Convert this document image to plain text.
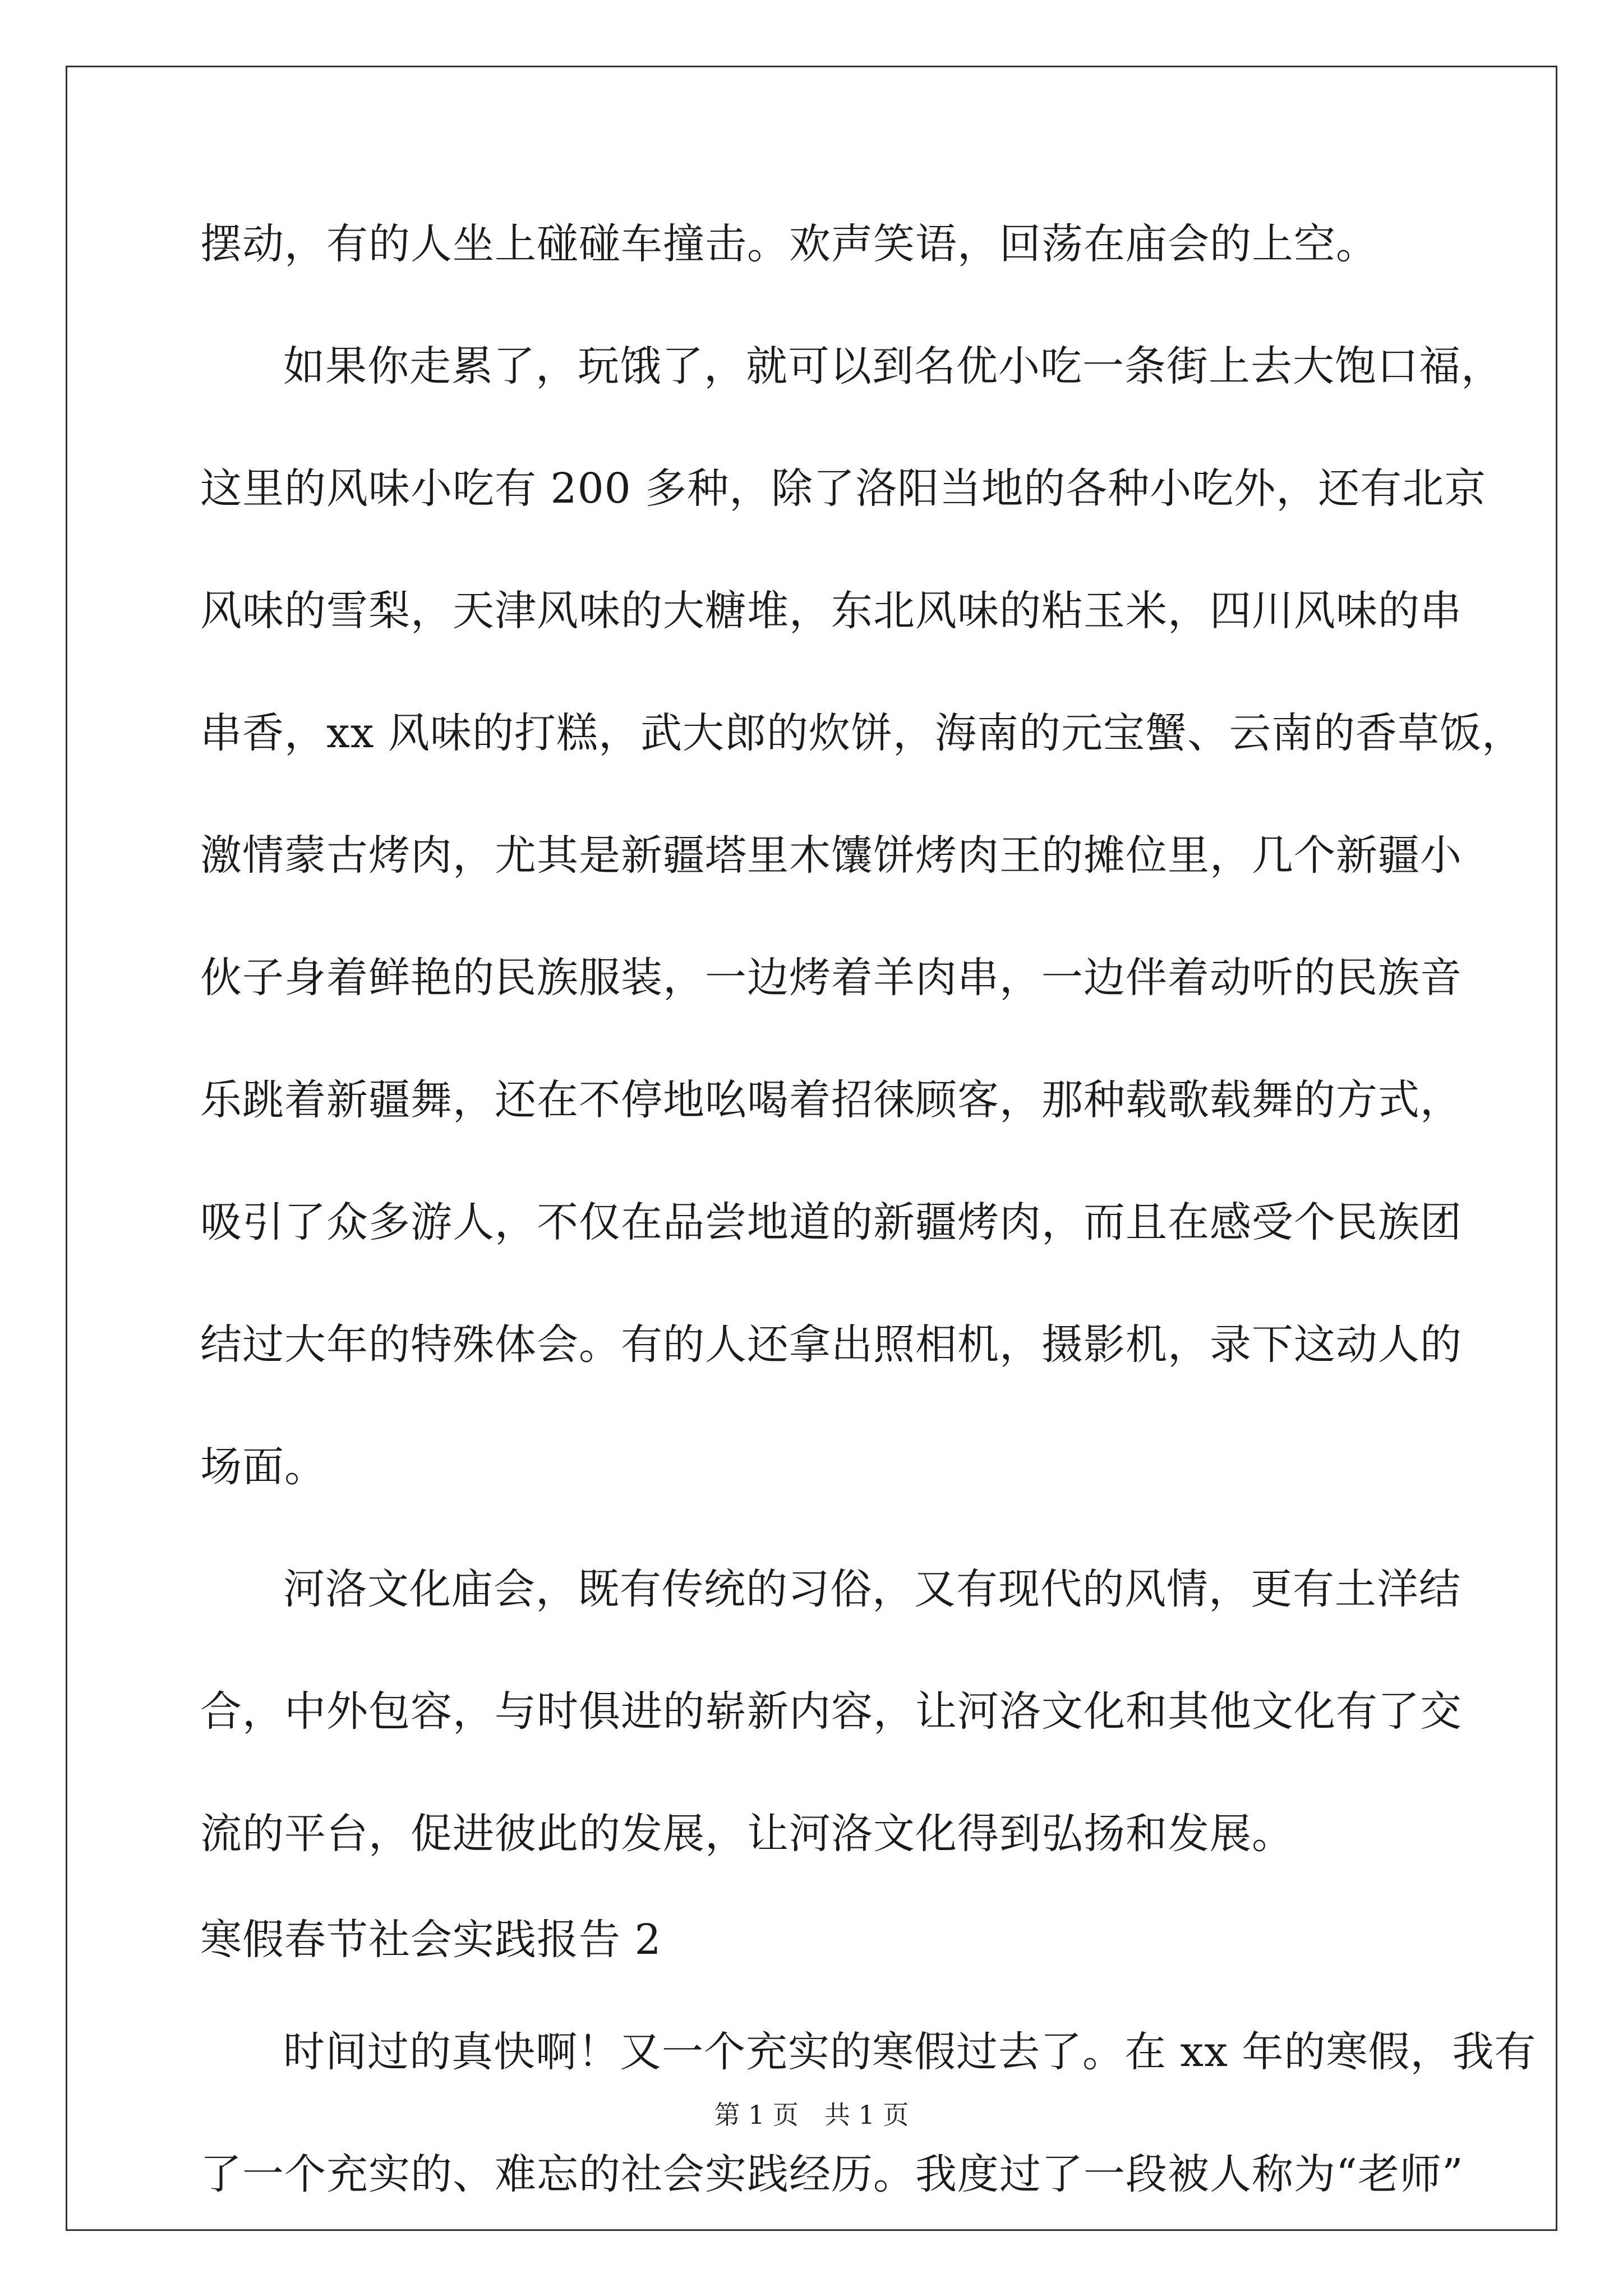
摆动，有的人坐上碰碰车撞击。欢声笑语，回荡在庙会的上空。
如果你走累了，玩饿了，就可以到名优小吃一条街上去大饱口福，
这里的风味小吃有 200 多种，除了洛阳当地的各种小吃外，还有北京
风味的雪梨，天津风味的大糖堆，东北风味的粘玉米，四川风味的串
串香，xx 风味的打糕，武大郎的炊饼，海南的元宝蟹、云南的香草饭，
激情蒙古烤肉，尤其是新疆塔里木馕饼烤肉王的摊位里，几个新疆小
伙子身着鲜艳的民族服装，一边烤着羊肉串，一边伴着动听的民族音
乐跳着新疆舞，还在不停地吆喝着招徕顾客，那种载歌载舞的方式，
吸引了众多游人，不仅在品尝地道的新疆烤肉，而且在感受个民族团
结过大年的特殊体会。有的人还拿出照相机，摄影机，录下这动人的
场面。
河洛文化庙会，既有传统的习俗，又有现代的风情，更有土洋结
合，中外包容，与时俱进的崭新内容，让河洛文化和其他文化有了交
流的平台，促进彼此的发展，让河洛文化得到弘扬和发展。
寒假春节社会实践报告 2
时间过的真快啊！又一个充实的寒假过去了。在 xx 年的寒假，我有
了一个充实的、难忘的社会实践经历。我度过了一段被人称为“老师”
第 1 页　共 1 页
